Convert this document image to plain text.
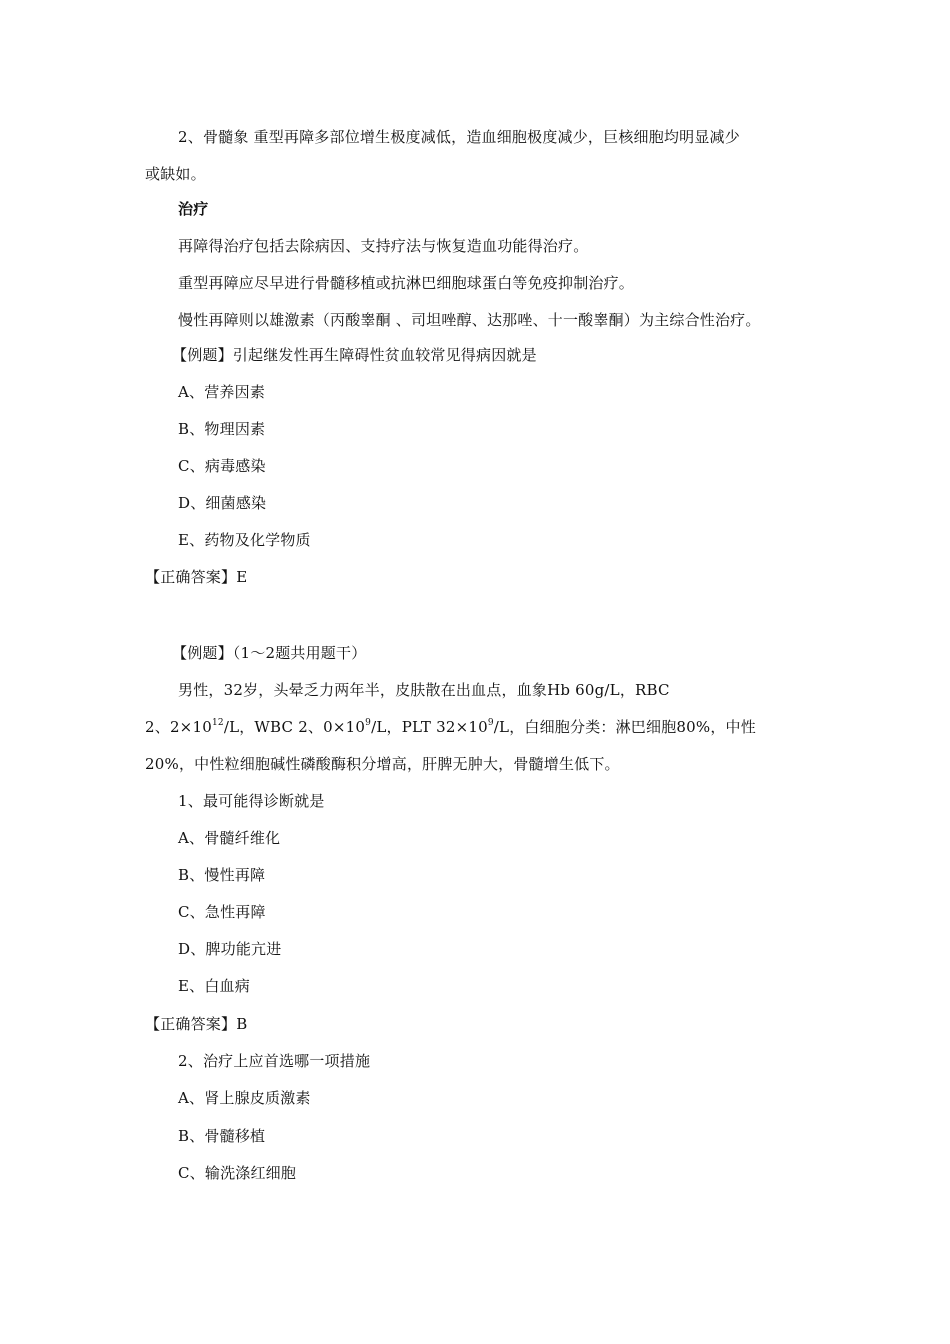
2、骨髓象 重型再障多部位增生极度减低，造血细胞极度减少，巨核细胞均明显减少
或缺如。
治疗
再障得治疗包括去除病因、支持疗法与恢复造血功能得治疗。
重型再障应尽早进行骨髓移植或抗淋巴细胞球蛋白等免疫抑制治疗。
慢性再障则以雄激素（丙酸睾酮 、司坦唑醇、达那唑、十一酸睾酮）为主综合性治疗。
【例题】引起继发性再生障碍性贫血较常见得病因就是
A、营养因素
B、物理因素
C、病毒感染
D、细菌感染
E、药物及化学物质
【正确答案】E
【例题】（1～2题共用题干）
男性，32岁，头晕乏力两年半，皮肤散在出血点，血象Hb 60g/L，RBC
2、$2\times 10^{12}/L$，WBC 2、$0\times 10^9/L$，PLT $32\times 10^9/L$，白细胞分类：淋巴细胞80%，中性
20%，中性粒细胞碱性磷酸酶积分增高，肝脾无肿大，骨髓增生低下。
1、最可能得诊断就是
A、骨髓纤维化
B、慢性再障
C、急性再障
D、脾功能亢进
E、白血病
【正确答案】B
2、治疗上应首选哪一项措施
A、肾上腺皮质激素
B、骨髓移植
C、输洗涤红细胞
